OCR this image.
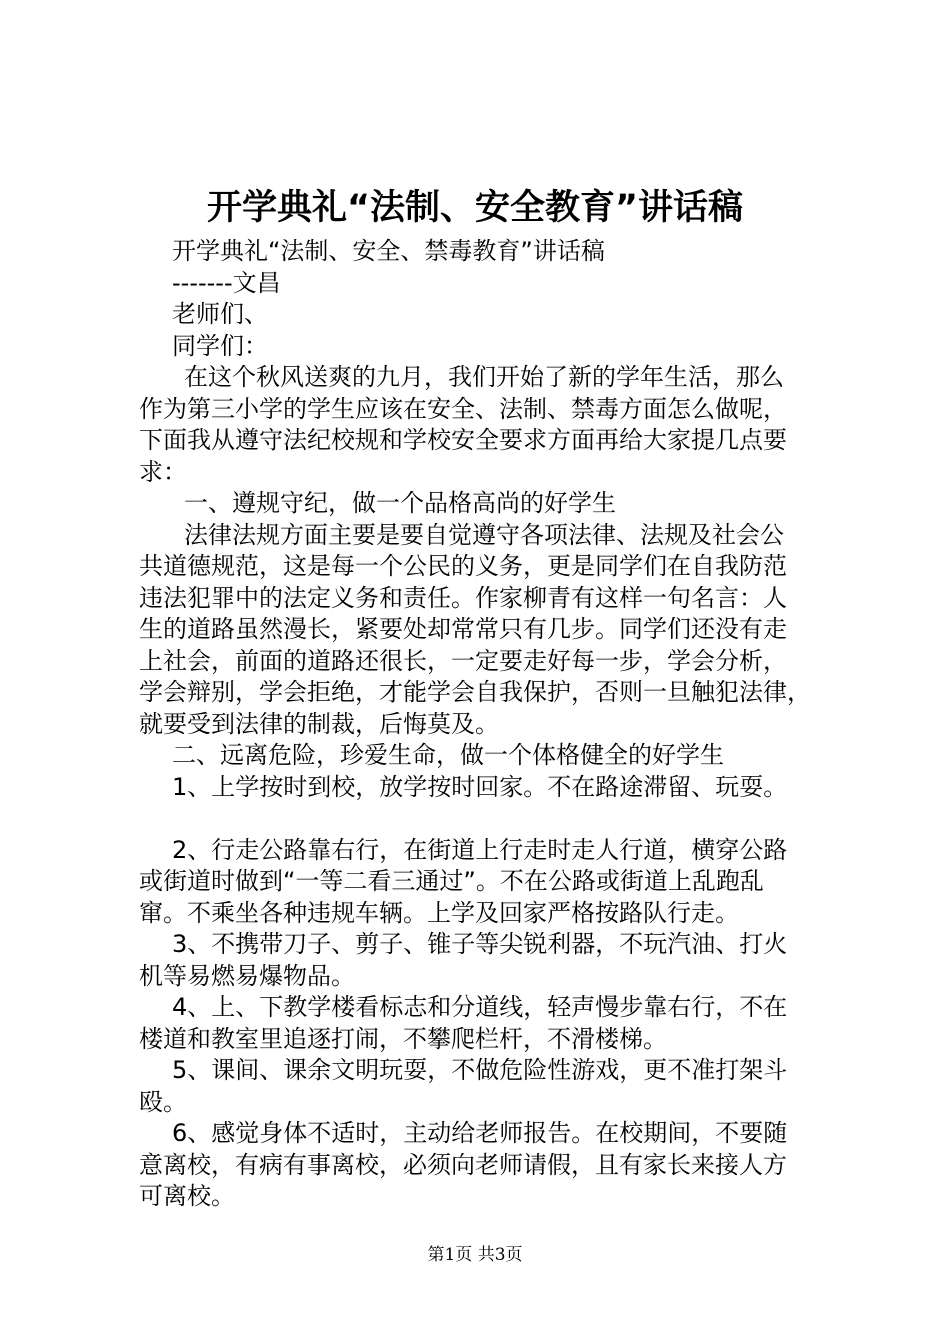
开学典礼“法制、安全教育”讲话稿
开学典礼“法制、安全、禁毒教育”讲话稿
-------文昌
老师们、
同学们：
在这个秋风送爽的九月，我们开始了新的学年生活，那么
作为第三小学的学生应该在安全、法制、禁毒方面怎么做呢，
下面我从遵守法纪校规和学校安全要求方面再给大家提几点要
求：
一、遵规守纪，做一个品格高尚的好学生
法律法规方面主要是要自觉遵守各项法律、法规及社会公
共道德规范，这是每一个公民的义务，更是同学们在自我防范
违法犯罪中的法定义务和责任。作家柳青有这样一句名言：人
生的道路虽然漫长，紧要处却常常只有几步。同学们还没有走
上社会，前面的道路还很长，一定要走好每一步，学会分析，
学会辩别，学会拒绝，才能学会自我保护，否则一旦触犯法律，
就要受到法律的制裁，后悔莫及。
二、远离危险，珍爱生命，做一个体格健全的好学生
1、上学按时到校，放学按时回家。不在路途滞留、玩耍。
2、行走公路靠右行，在街道上行走时走人行道，横穿公路
或街道时做到“一等二看三通过”。不在公路或街道上乱跑乱
窜。不乘坐各种违规车辆。上学及回家严格按路队行走。
3、不携带刀子、剪子、锥子等尖锐利器，不玩汽油、打火
机等易燃易爆物品。
4、上、下教学楼看标志和分道线，轻声慢步靠右行，不在
楼道和教室里追逐打闹，不攀爬栏杆，不滑楼梯。
5、课间、课余文明玩耍，不做危险性游戏，更不准打架斗
殴。
6、感觉身体不适时，主动给老师报告。在校期间，不要随
意离校，有病有事离校，必须向老师请假，且有家长来接人方
可离校。
第1页 共3页
